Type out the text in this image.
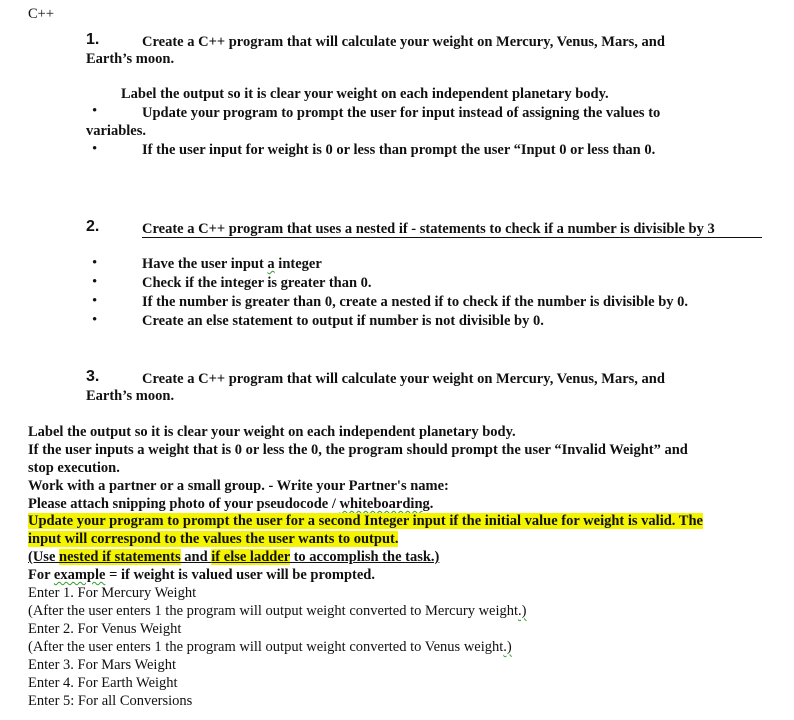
C++
1.	Create a C++ program that will calculate your weight on Mercury, Venus, Mars, and
Earth’s moon.
Label the output so it is clear your weight on each independent planetary body.
•	Update your program to prompt the user for input instead of assigning the values to
variables.
•	If the user input for weight is 0 or less than prompt the user “Input 0 or less than 0.
2.	Create a C++ program that uses a nested if - statements to check if a number is divisible by 3
•	Have the user input a integer
•	Check if the integer is greater than 0.
•	If the number is greater than 0, create a nested if to check if the number is divisible by 0.
•	Create an else statement to output if number is not divisible by 0.
3.	Create a C++ program that will calculate your weight on Mercury, Venus, Mars, and
Earth’s moon.
Label the output so it is clear your weight on each independent planetary body.
If the user inputs a weight that is 0 or less the 0, the program should prompt the user “Invalid Weight” and
stop execution.
Work with a partner or a small group. - Write your Partner's name:
Please attach snipping photo of your pseudocode / whiteboarding.
Update your program to prompt the user for a second Integer input if the initial value for weight is valid. The
input will correspond to the values the user wants to output.
(Use nested if statements and if else ladder to accomplish the task.)
For example = if weight is valued user will be prompted.
Enter 1. For Mercury Weight
(After the user enters 1 the program will output weight converted to Mercury weight.)
Enter 2. For Venus Weight
(After the user enters 1 the program will output weight converted to Venus weight.)
Enter 3. For Mars Weight
Enter 4. For Earth Weight
Enter 5: For all Conversions
